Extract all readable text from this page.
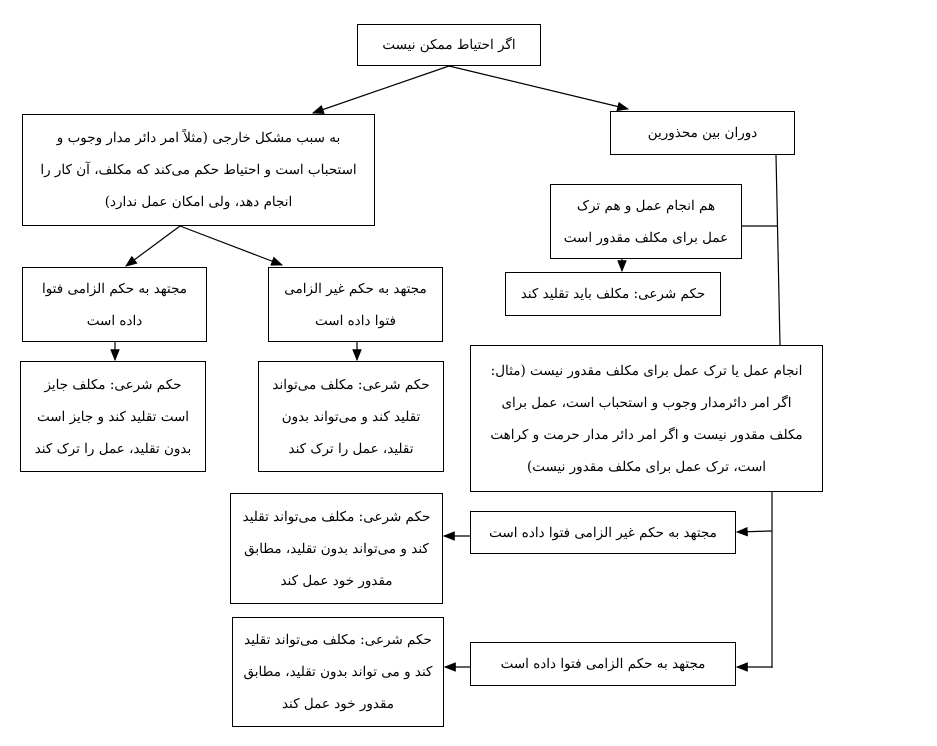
اگر احتیاط ممکن نیست
به سبب مشکل خارجی (مثلاً امر دائر مدار وجوب و
استحباب است و احتیاط حکم می‌کند که مکلف، آن کار را
انجام دهد، ولی امکان عمل ندارد)
دوران بین محذورین
مجتهد به حکم الزامی فتوا
داده است
مجتهد به حکم غیر الزامی
فتوا داده است
حکم شرعی: مکلف جایز
است تقلید کند و جایز است
بدون تقلید، عمل را ترک کند
حکم شرعی: مکلف می‌تواند
تقلید کند و می‌تواند بدون
تقلید، عمل را ترک کند
هم انجام عمل و هم ترک
عمل برای مکلف مقدور است
حکم شرعی: مکلف باید تقلید کند
انجام عمل یا ترک عمل برای مکلف مقدور نیست (مثال:
اگر امر دائرمدار وجوب و استحباب است، عمل برای
مکلف مقدور نیست و اگر امر دائر مدار حرمت و کراهت
است، ترک عمل برای مکلف مقدور نیست)
مجتهد به حکم غیر الزامی فتوا داده است
حکم شرعی: مکلف می‌تواند تقلید
کند و می‌تواند بدون تقلید، مطابق
مقدور خود عمل کند
مجتهد به حکم الزامی فتوا داده است
حکم شرعی: مکلف می‌تواند تقلید
کند و می تواند بدون تقلید، مطابق
مقدور خود عمل کند
